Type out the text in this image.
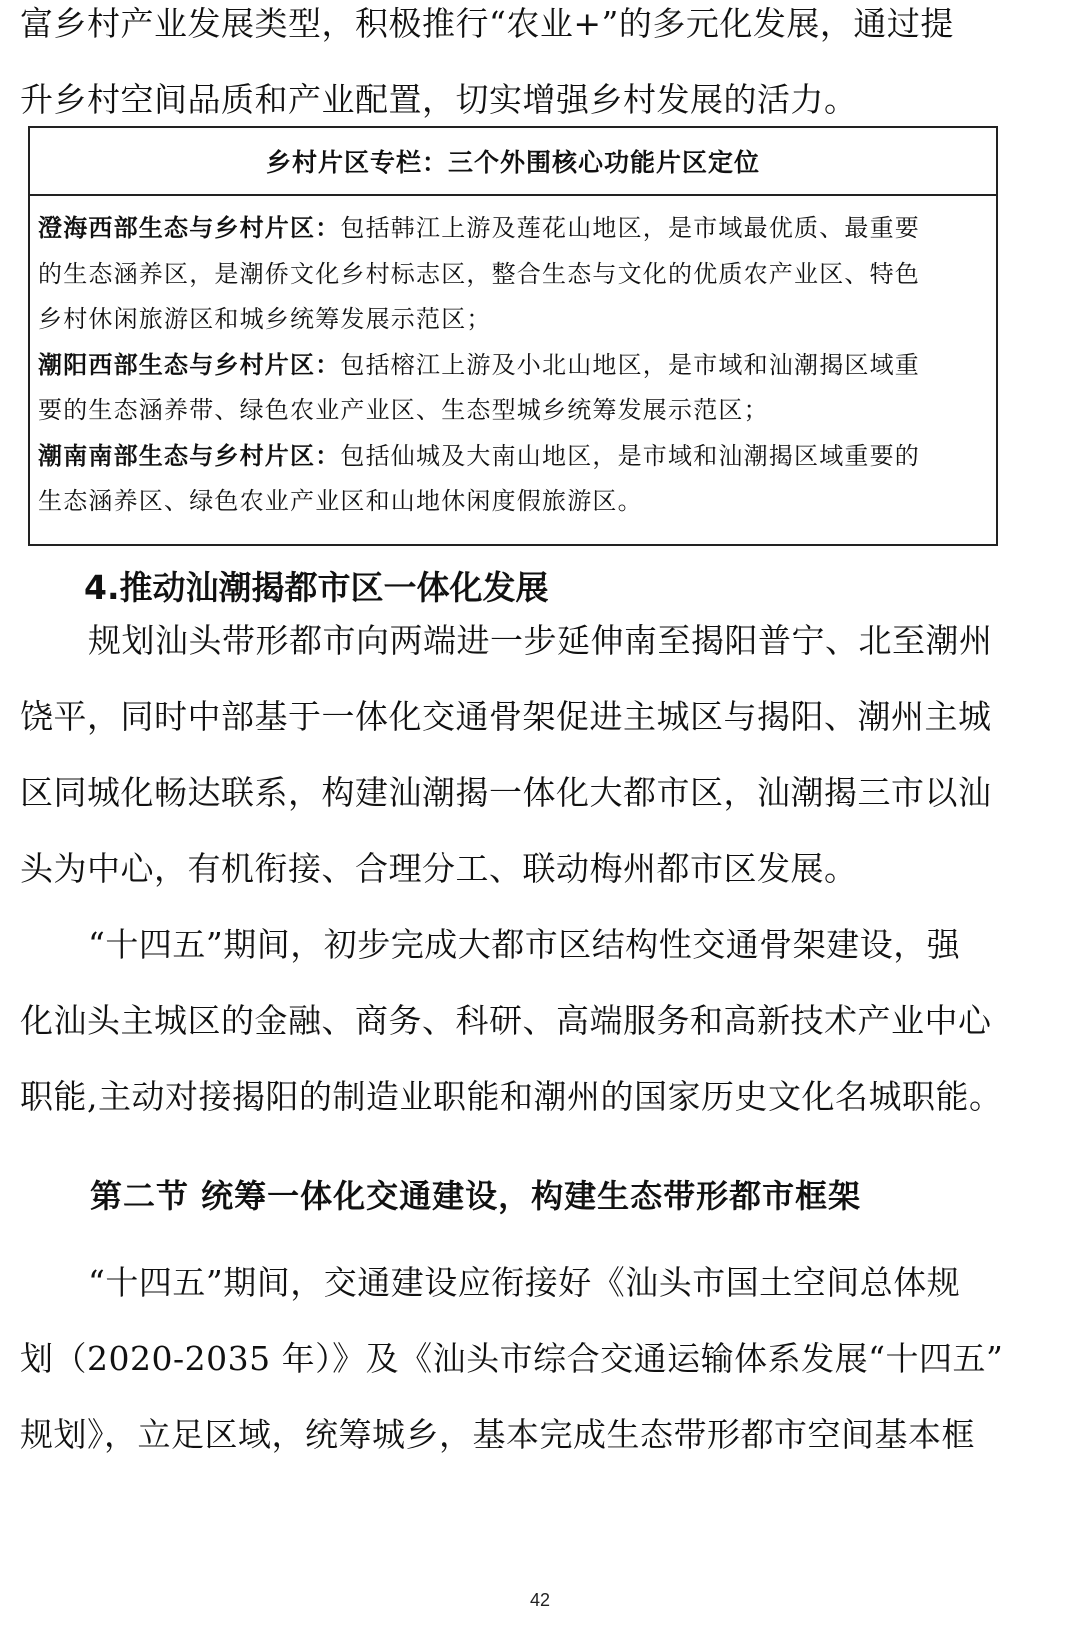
富乡村产业发展类型，积极推行“农业+”的多元化发展，通过提
升乡村空间品质和产业配置，切实增强乡村发展的活力。
乡村片区专栏：三个外围核心功能片区定位
澄海西部生态与乡村片区：包括韩江上游及莲花山地区，是市域最优质、最重要
的生态涵养区，是潮侨文化乡村标志区，整合生态与文化的优质农产业区、特色
乡村休闲旅游区和城乡统筹发展示范区；
潮阳西部生态与乡村片区：包括榕江上游及小北山地区，是市域和汕潮揭区域重
要的生态涵养带、绿色农业产业区、生态型城乡统筹发展示范区；
潮南南部生态与乡村片区：包括仙城及大南山地区，是市域和汕潮揭区域重要的
生态涵养区、绿色农业产业区和山地休闲度假旅游区。
4.推动汕潮揭都市区一体化发展
规划汕头带形都市向两端进一步延伸南至揭阳普宁、北至潮州
饶平，同时中部基于一体化交通骨架促进主城区与揭阳、潮州主城
区同城化畅达联系，构建汕潮揭一体化大都市区，汕潮揭三市以汕
头为中心，有机衔接、合理分工、联动梅州都市区发展。
“十四五”期间，初步完成大都市区结构性交通骨架建设，强
化汕头主城区的金融、商务、科研、高端服务和高新技术产业中心
职能,主动对接揭阳的制造业职能和潮州的国家历史文化名城职能。
第二节 统筹一体化交通建设，构建生态带形都市框架
“十四五”期间，交通建设应衔接好《汕头市国土空间总体规
划（2020-2035 年）》及《汕头市综合交通运输体系发展“十四五”
规划》，立足区域，统筹城乡，基本完成生态带形都市空间基本框
42
